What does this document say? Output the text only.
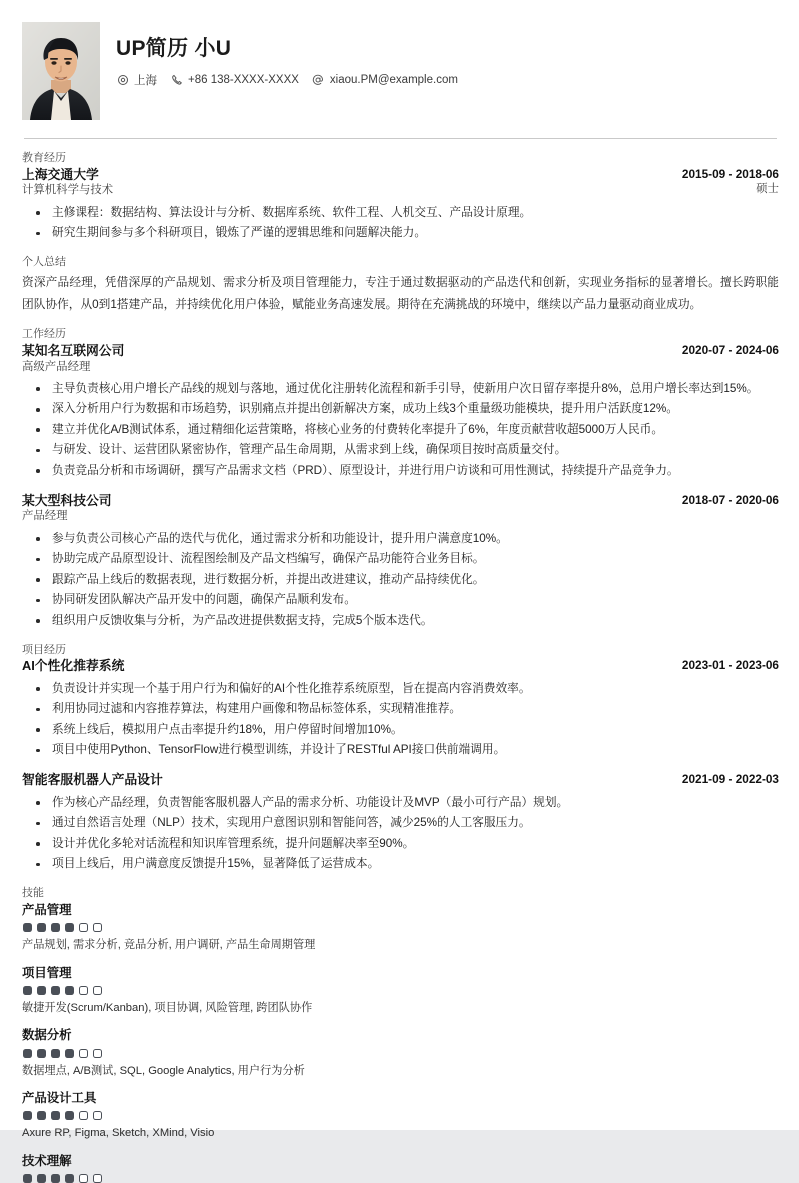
UP简历 小U
上海	+86 138-XXXX-XXXX	xiaou.PM@example.com
教育经历
上海交通大学
计算机科学与技术
2015-09 - 2018-06
硕士
主修课程：数据结构、算法设计与分析、数据库系统、软件工程、人机交互、产品设计原理。
研究生期间参与多个科研项目，锻炼了严谨的逻辑思维和问题解决能力。
个人总结
资深产品经理，凭借深厚的产品规划、需求分析及项目管理能力，专注于通过数据驱动的产品迭代和创新，实现业务指标的显著增长。擅长跨职能团队协作，从0到1搭建产品，并持续优化用户体验，赋能业务高速发展。期待在充满挑战的环境中，继续以产品力量驱动商业成功。
工作经历
某知名互联网公司
高级产品经理
2020-07 - 2024-06
主导负责核心用户增长产品线的规划与落地，通过优化注册转化流程和新手引导，使新用户次日留存率提升8%，总用户增长率达到15%。
深入分析用户行为数据和市场趋势，识别痛点并提出创新解决方案，成功上线3个重量级功能模块，提升用户活跃度12%。
建立并优化A/B测试体系，通过精细化运营策略，将核心业务的付费转化率提升了6%，年度贡献营收超5000万人民币。
与研发、设计、运营团队紧密协作，管理产品生命周期，从需求到上线，确保项目按时高质量交付。
负责竞品分析和市场调研，撰写产品需求文档（PRD）、原型设计，并进行用户访谈和可用性测试，持续提升产品竞争力。
某大型科技公司
产品经理
2018-07 - 2020-06
参与负责公司核心产品的迭代与优化，通过需求分析和功能设计，提升用户满意度10%。
协助完成产品原型设计、流程图绘制及产品文档编写，确保产品功能符合业务目标。
跟踪产品上线后的数据表现，进行数据分析，并提出改进建议，推动产品持续优化。
协同研发团队解决产品开发中的问题，确保产品顺利发布。
组织用户反馈收集与分析，为产品改进提供数据支持，完成5个版本迭代。
项目经历
AI个性化推荐系统	2023-01 - 2023-06
负责设计并实现一个基于用户行为和偏好的AI个性化推荐系统原型，旨在提高内容消费效率。
利用协同过滤和内容推荐算法，构建用户画像和物品标签体系，实现精准推荐。
系统上线后，模拟用户点击率提升约18%，用户停留时间增加10%。
项目中使用Python、TensorFlow进行模型训练，并设计了RESTful API接口供前端调用。
智能客服机器人产品设计	2021-09 - 2022-03
作为核心产品经理，负责智能客服机器人产品的需求分析、功能设计及MVP（最小可行产品）规划。
通过自然语言处理（NLP）技术，实现用户意图识别和智能问答，减少25%的人工客服压力。
设计并优化多轮对话流程和知识库管理系统，提升问题解决率至90%。
项目上线后，用户满意度反馈提升15%，显著降低了运营成本。
技能
产品管理
产品规划, 需求分析, 竞品分析, 用户调研, 产品生命周期管理
项目管理
敏捷开发(Scrum/Kanban), 项目协调, 风险管理, 跨团队协作
数据分析
数据埋点, A/B测试, SQL, Google Analytics, 用户行为分析
产品设计工具
Axure RP, Figma, Sketch, XMind, Visio
技术理解
